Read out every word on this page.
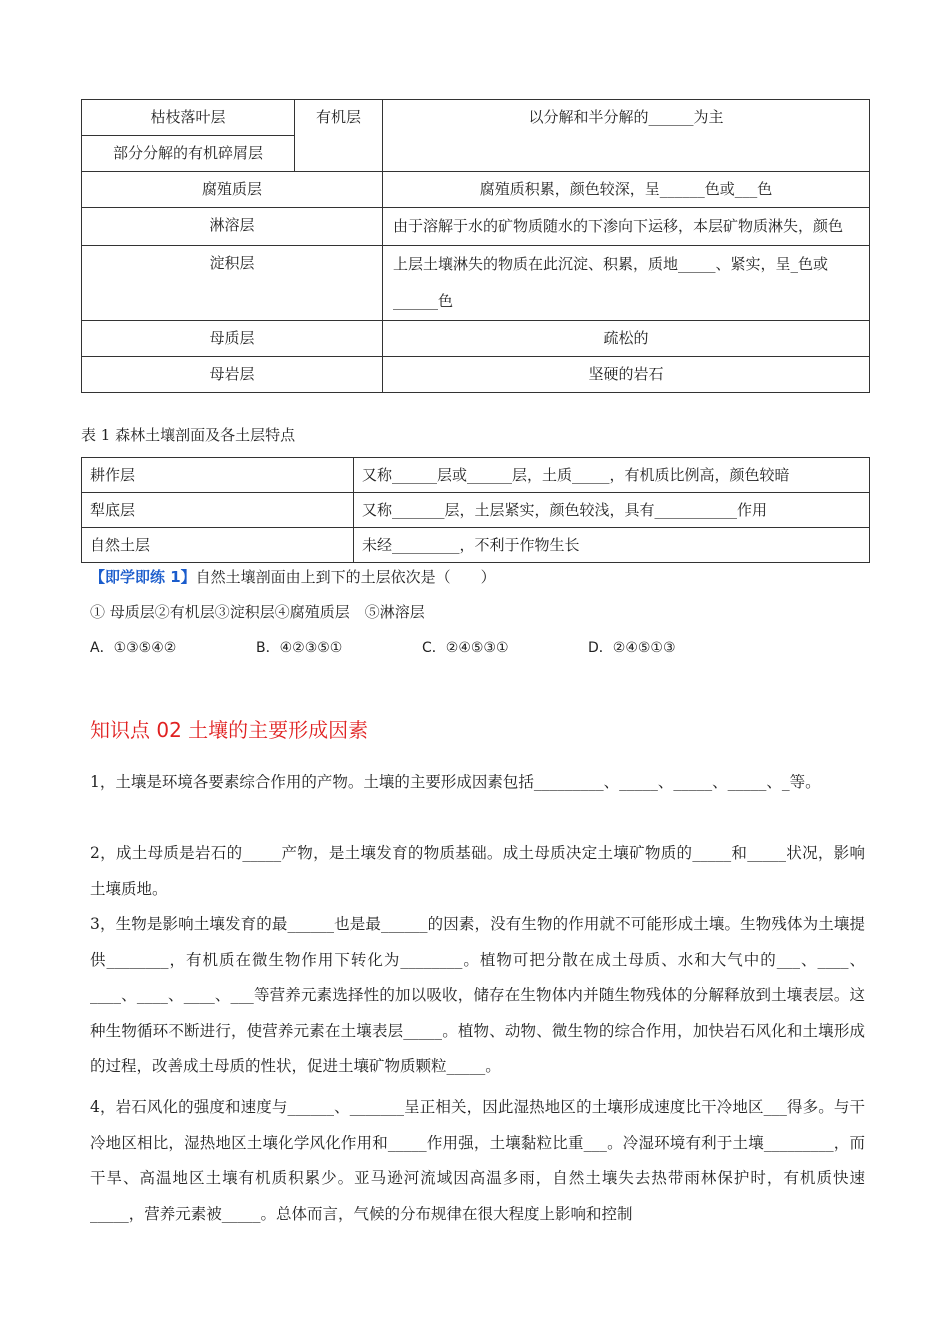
枯枝落叶层	有机层	以分解和半分解的______为主
部分分解的有机碎屑层		
腐殖质层		腐殖质积累，颜色较深，呈______色或___色
淋溶层		由于溶解于水的矿物质随水的下渗向下运移，本层矿物质淋失，颜色
淀积层		上层土壤淋失的物质在此沉淀、积累，质地_____、紧实，呈_色或______色
母质层		疏松的
母岩层		坚硬的岩石
表 1 森林土壤剖面及各土层特点
耕作层	又称______层或______层，土质_____，有机质比例高，颜色较暗
犁底层	又称_______层，土层紧实，颜色较浅，具有___________作用
自然土层	未经_________，不利于作物生长
【即学即练 1】自然土壤剖面由上到下的土层依次是（　　）
① 母质层②有机层③淀积层④腐殖质层　⑤淋溶层
A．①③⑤④②	B．④②③⑤①	C．②④⑤③①	D．②④⑤①③
知识点 02 土壤的主要形成因素
1，土壤是环境各要素综合作用的产物。土壤的主要形成因素包括_________、_____、_____、_____、_等。
2，成土母质是岩石的_____产物，是土壤发育的物质基础。成土母质决定土壤矿物质的_____和_____状况，影响土壤质地。
3，生物是影响土壤发育的最______也是最______的因素，没有生物的作用就不可能形成土壤。生物残体为土壤提供________，有机质在微生物作用下转化为________。植物可把分散在成土母质、水和大气中的___、____、____、____、____、___等营养元素选择性的加以吸收，储存在生物体内并随生物残体的分解释放到土壤表层。这种生物循环不断进行，使营养元素在土壤表层_____。植物、动物、微生物的综合作用，加快岩石风化和土壤形成的过程，改善成土母质的性状，促进土壤矿物质颗粒_____。
4，岩石风化的强度和速度与______、_______呈正相关，因此湿热地区的土壤形成速度比干冷地区___得多。与干冷地区相比，湿热地区土壤化学风化作用和_____作用强，土壤黏粒比重___。冷湿环境有利于土壤_________，而干旱、高温地区土壤有机质积累少。亚马逊河流域因高温多雨，自然土壤失去热带雨林保护时，有机质快速_____，营养元素被_____。总体而言，气候的分布规律在很大程度上影响和控制
